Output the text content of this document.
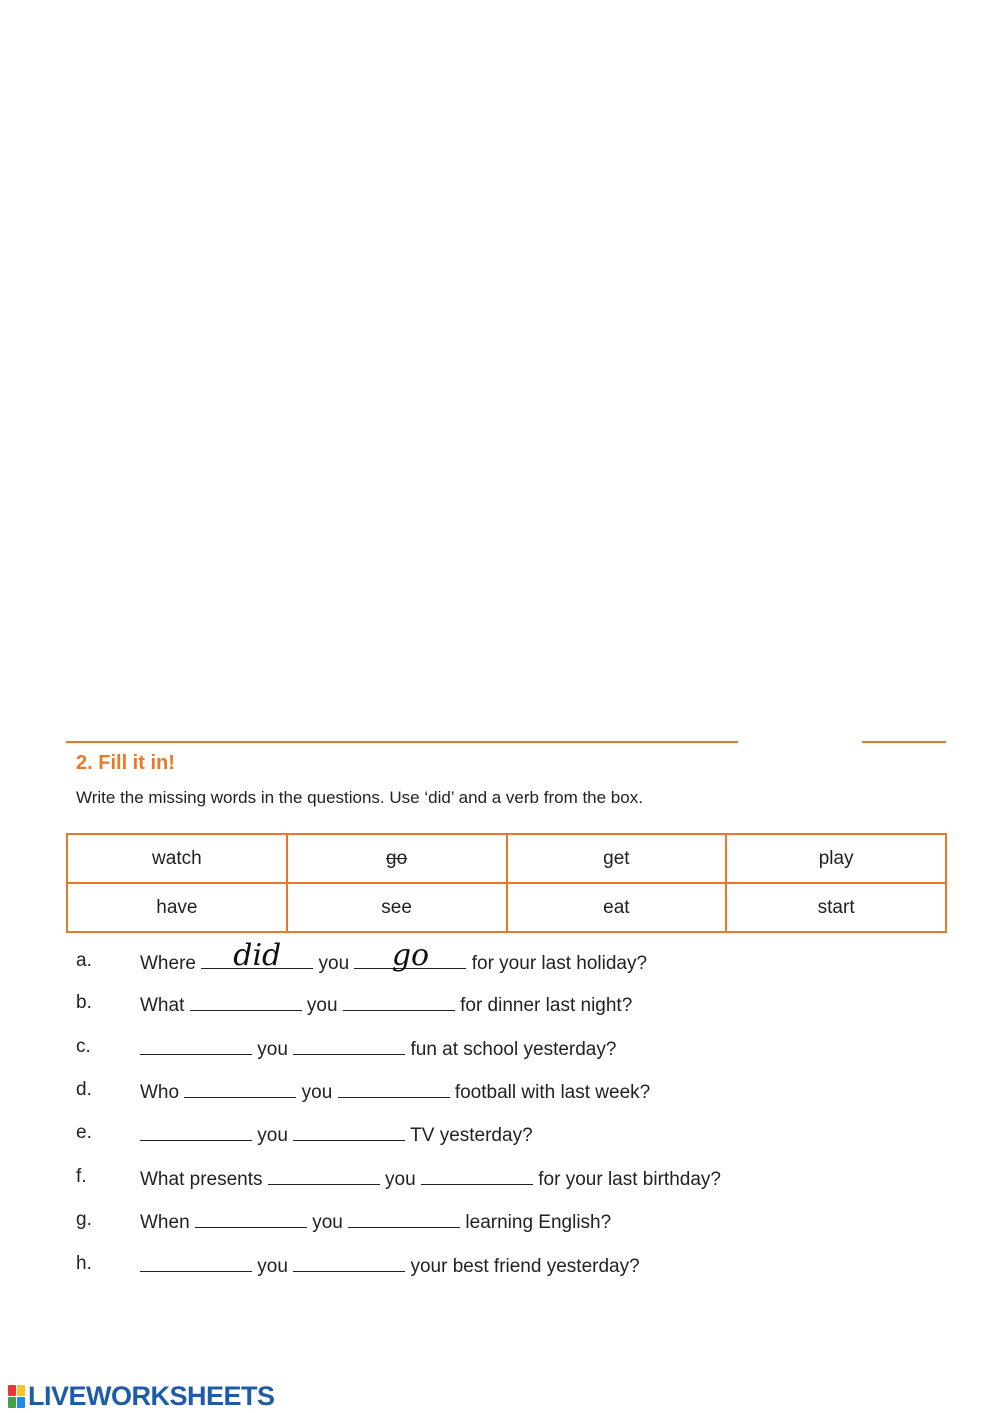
2. Fill it in!

Write the missing words in the questions. Use ‘did’ and a verb from the box.

watch	go	get	play
have	see	eat	start
a.	Where	did	you	go	for your last holiday?
b.	What	you	for dinner last night?
c.	you	fun at school yesterday?
d.	Who	you	football with last week?
e.	you	TV yesterday?
f.	What presents	you	for your last birthday?
g.	When	you	learning English?
h.	you	your best friend yesterday?
LIVEWORKSHEETS
